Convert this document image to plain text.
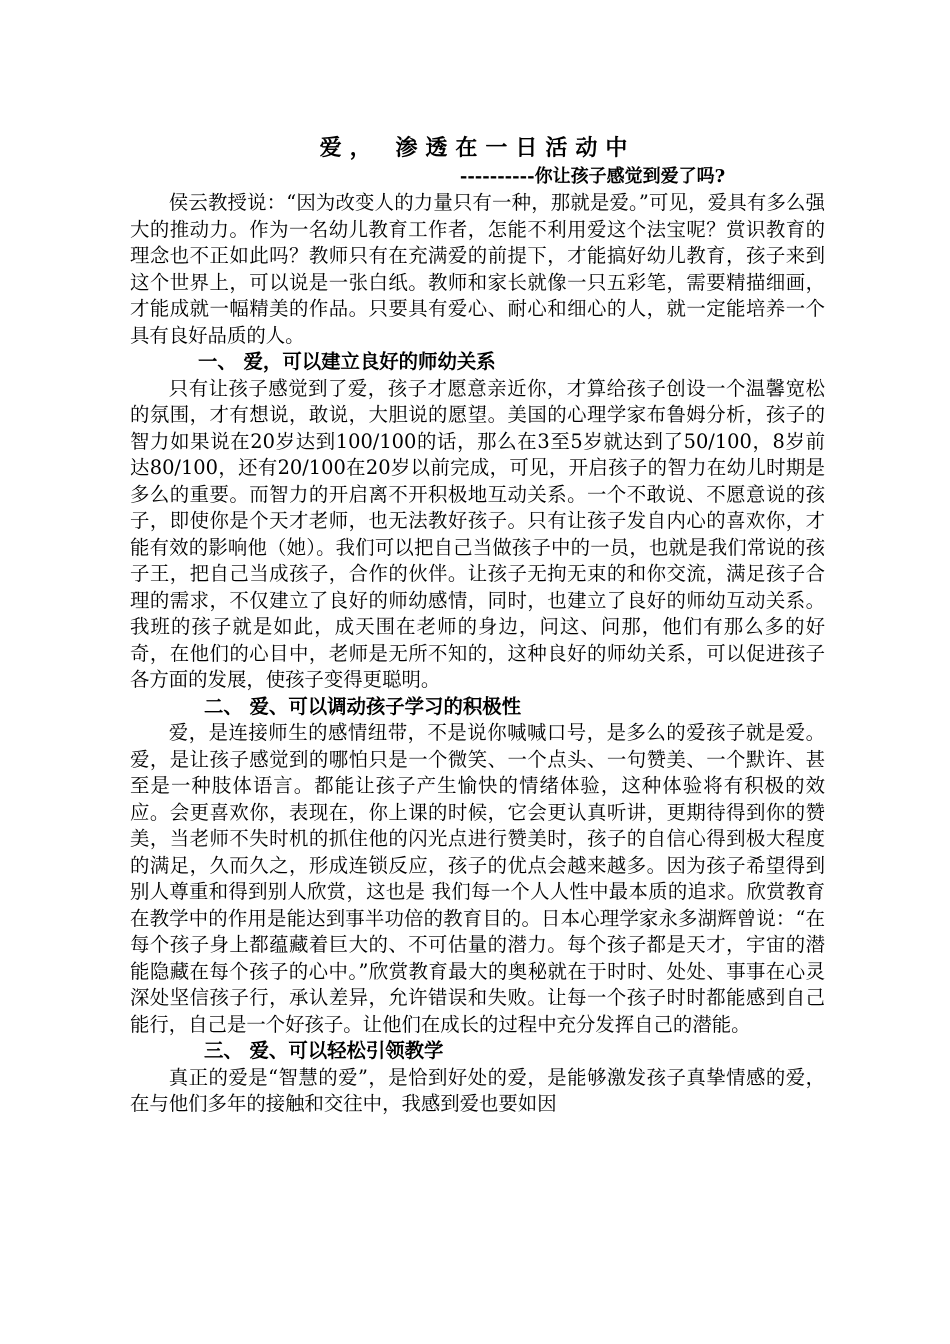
爱， 渗透在一日活动中
----------你让孩子感觉到爱了吗?

侯云教授说：“因为改变人的力量只有一种，那就是爱。”可见，爱具有多么强大的推动力。作为一名幼儿教育工作者，怎能不利用爱这个法宝呢？赏识教育的理念也不正如此吗？教师只有在充满爱的前提下，才能搞好幼儿教育，孩子来到这个世界上，可以说是一张白纸。教师和家长就像一只五彩笔，需要精描细画，才能成就一幅精美的作品。只要具有爱心、耐心和细心的人，就一定能培养一个具有良好品质的人。

一、 爱，可以建立良好的师幼关系

只有让孩子感觉到了爱，孩子才愿意亲近你，才算给孩子创设一个温馨宽松的氛围，才有想说，敢说，大胆说的愿望。美国的心理学家布鲁姆分析，孩子的智力如果说在20岁达到100/100的话，那么在3至5岁就达到了50/100，8岁前达80/100，还有20/100在20岁以前完成，可见，开启孩子的智力在幼儿时期是多么的重要。而智力的开启离不开积极地互动关系。一个不敢说、不愿意说的孩子，即使你是个天才老师，也无法教好孩子。只有让孩子发自内心的喜欢你，才能有效的影响他（她）。我们可以把自己当做孩子中的一员，也就是我们常说的孩子王，把自己当成孩子，合作的伙伴。让孩子无拘无束的和你交流，满足孩子合理的需求，不仅建立了良好的师幼感情，同时，也建立了良好的师幼互动关系。我班的孩子就是如此，成天围在老师的身边，问这、问那，他们有那么多的好奇，在他们的心目中，老师是无所不知的，这种良好的师幼关系，可以促进孩子各方面的发展，使孩子变得更聪明。

二、 爱、可以调动孩子学习的积极性

爱，是连接师生的感情纽带，不是说你喊喊口号，是多么的爱孩子就是爱。爱，是让孩子感觉到的哪怕只是一个微笑、一个点头、一句赞美、一个默许、甚至是一种肢体语言。都能让孩子产生愉快的情绪体验，这种体验将有积极的效应。会更喜欢你，表现在，你上课的时候，它会更认真听讲，更期待得到你的赞美，当老师不失时机的抓住他的闪光点进行赞美时，孩子的自信心得到极大程度的满足，久而久之，形成连锁反应，孩子的优点会越来越多。因为孩子希望得到别人尊重和得到别人欣赏，这也是 我们每一个人人性中最本质的追求。欣赏教育在教学中的作用是能达到事半功倍的教育目的。日本心理学家永多湖辉曾说：“在每个孩子身上都蕴藏着巨大的、不可估量的潜力。每个孩子都是天才，宇宙的潜能隐藏在每个孩子的心中。”欣赏教育最大的奥秘就在于时时、处处、事事在心灵深处坚信孩子行，承认差异，允许错误和失败。让每一个孩子时时都能感到自己能行，自己是一个好孩子。让他们在成长的过程中充分发挥自己的潜能。

三、 爱、可以轻松引领教学

真正的爱是“智慧的爱”，是恰到好处的爱，是能够激发孩子真挚情感的爱，在与他们多年的接触和交往中，我感到爱也要如因
